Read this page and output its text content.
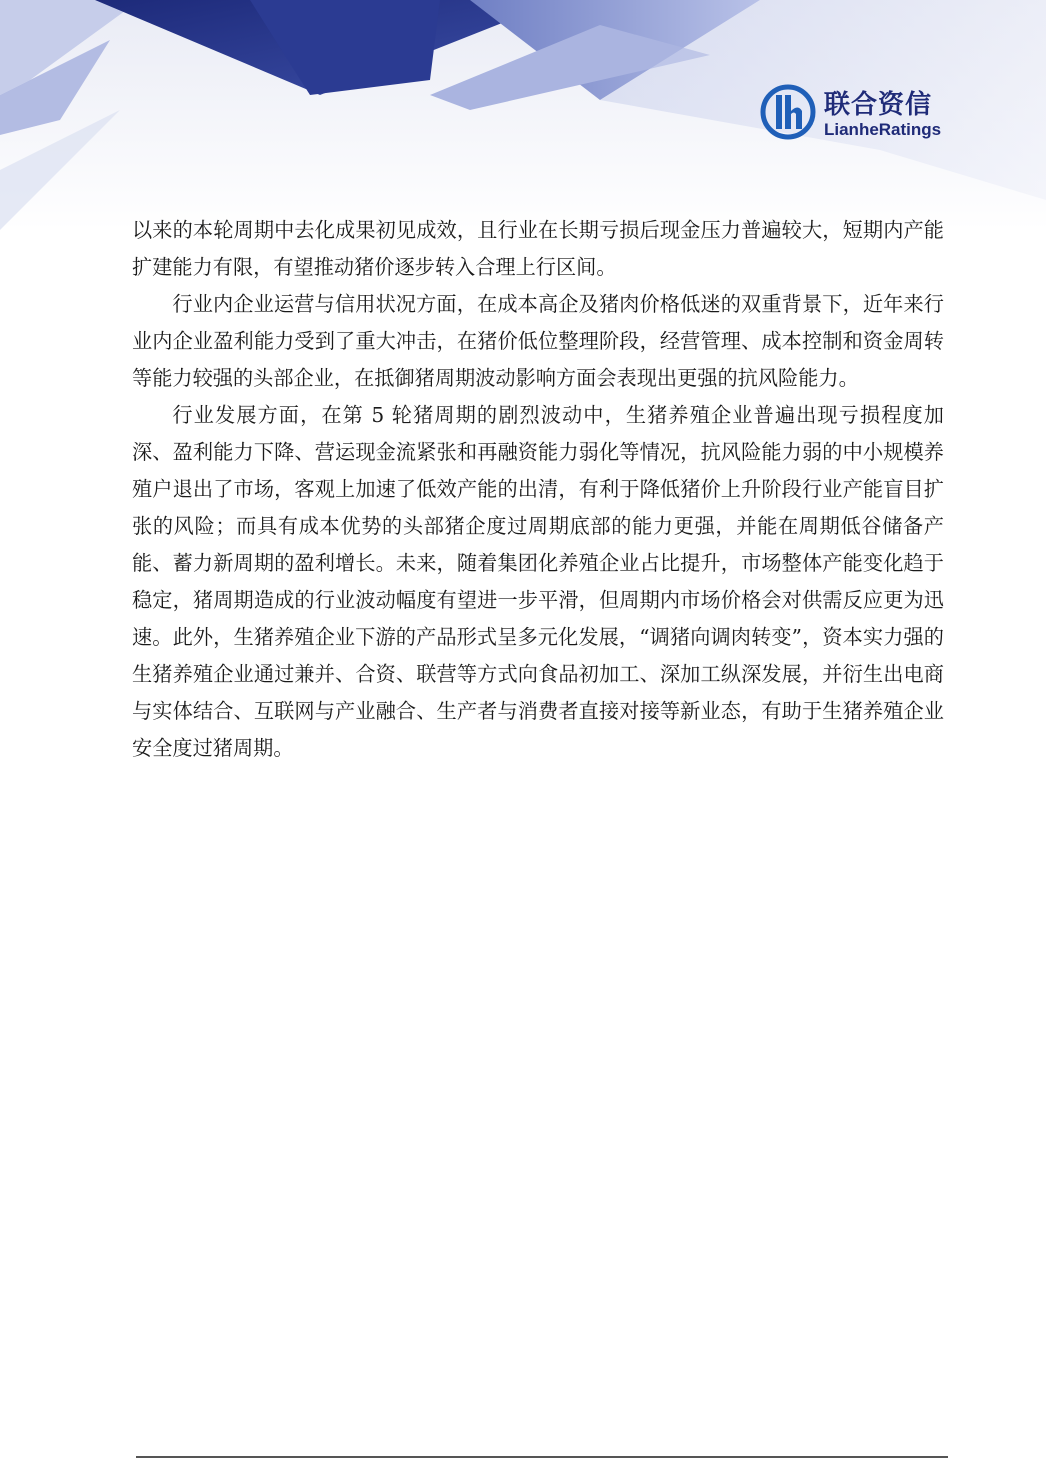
联合资信
LianheRatings

以来的本轮周期中去化成果初见成效，且行业在长期亏损后现金压力普遍较大，短期内产能扩建能力有限，有望推动猪价逐步转入合理上行区间。

行业内企业运营与信用状况方面，在成本高企及猪肉价格低迷的双重背景下，近年来行业内企业盈利能力受到了重大冲击，在猪价低位整理阶段，经营管理、成本控制和资金周转等能力较强的头部企业，在抵御猪周期波动影响方面会表现出更强的抗风险能力。

行业发展方面，在第 5 轮猪周期的剧烈波动中，生猪养殖企业普遍出现亏损程度加深、盈利能力下降、营运现金流紧张和再融资能力弱化等情况，抗风险能力弱的中小规模养殖户退出了市场，客观上加速了低效产能的出清，有利于降低猪价上升阶段行业产能盲目扩张的风险；而具有成本优势的头部猪企度过周期底部的能力更强，并能在周期低谷储备产能、蓄力新周期的盈利增长。未来，随着集团化养殖企业占比提升，市场整体产能变化趋于稳定，猪周期造成的行业波动幅度有望进一步平滑，但周期内市场价格会对供需反应更为迅速。此外，生猪养殖企业下游的产品形式呈多元化发展，“调猪向调肉转变”，资本实力强的生猪养殖企业通过兼并、合资、联营等方式向食品初加工、深加工纵深发展，并衍生出电商与实体结合、互联网与产业融合、生产者与消费者直接对接等新业态，有助于生猪养殖企业安全度过猪周期。
